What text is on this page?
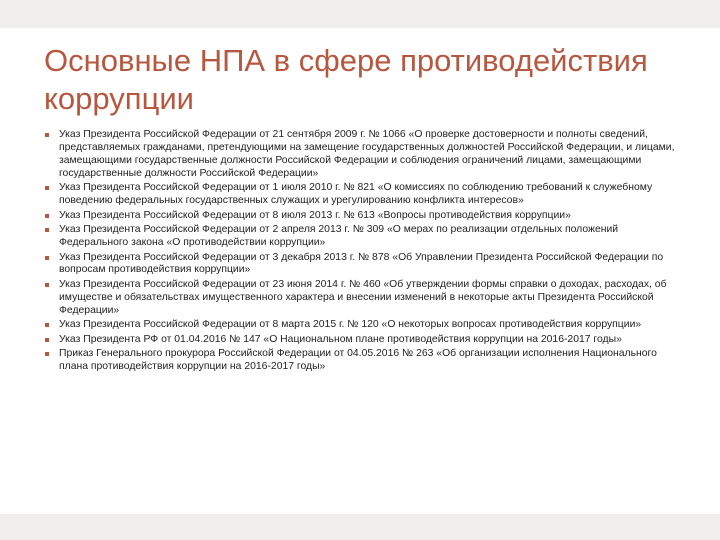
Основные НПА в сфере противодействия коррупции
Указ Президента Российской Федерации от 21 сентября 2009 г. № 1066 «О проверке достоверности и полноты сведений, представляемых гражданами, претендующими на замещение государственных должностей Российской Федерации, и лицами, замещающими государственные должности Российской Федерации и соблюдения ограничений лицами, замещающими государственные должности Российской Федерации»
Указ Президента Российской Федерации от 1 июля 2010 г. № 821 «О комиссиях по соблюдению требований к служебному поведению федеральных государственных служащих и урегулированию конфликта интересов»
Указ Президента Российской Федерации от 8 июля 2013 г. № 613 «Вопросы противодействия коррупции»
Указ Президента Российской Федерации от 2 апреля 2013 г. № 309 «О мерах по реализации отдельных положений Федерального закона «О противодействии коррупции»
Указ Президента Российской Федерации от 3 декабря 2013 г. № 878 «Об Управлении Президента Российской Федерации по вопросам противодействия коррупции»
Указ Президента Российской Федерации от 23 июня 2014 г. № 460 «Об утверждении формы справки о доходах, расходах, об имуществе и обязательствах имущественного характера и внесении изменений в некоторые акты Президента Российской Федерации»
Указ Президента Российской Федерации от 8 марта 2015 г. № 120 «О некоторых вопросах противодействия коррупции»
Указ Президента РФ от 01.04.2016 № 147 «О Национальном плане противодействия коррупции на 2016-2017 годы»
Приказ Генерального прокурора Российской Федерации от 04.05.2016 № 263 «Об организации исполнения Национального плана противодействия коррупции на 2016-2017 годы»
